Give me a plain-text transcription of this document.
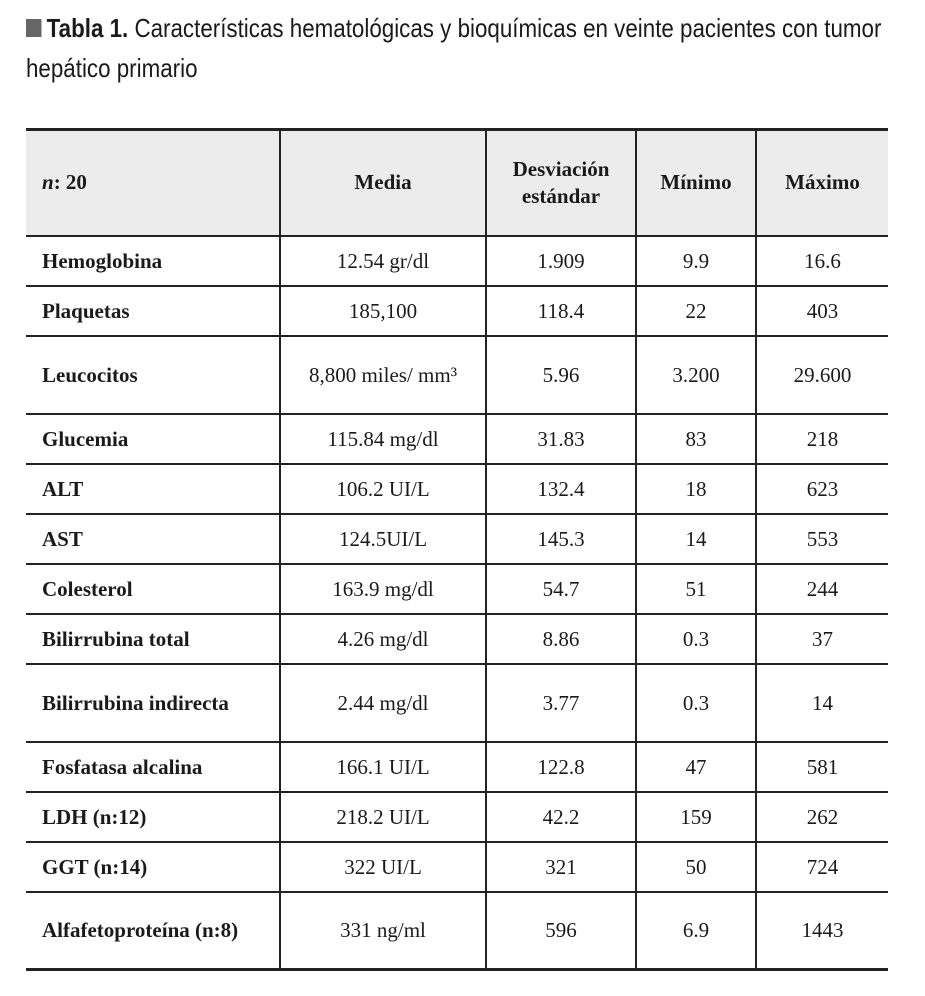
Tabla 1. Características hematológicas y bioquímicas en veinte pacientes con tumor hepático primario
n: 20	Media	Desviación estándar	Mínimo	Máximo
Hemoglobina	12.54 gr/dl	1.909	9.9	16.6
Plaquetas	185,100	118.4	22	403
Leucocitos	8,800 miles/ mm³	5.96	3.200	29.600
Glucemia	115.84 mg/dl	31.83	83	218
ALT	106.2 UI/L	132.4	18	623
AST	124.5UI/L	145.3	14	553
Colesterol	163.9 mg/dl	54.7	51	244
Bilirrubina total	4.26 mg/dl	8.86	0.3	37
Bilirrubina indirecta	2.44 mg/dl	3.77	0.3	14
Fosfatasa alcalina	166.1 UI/L	122.8	47	581
LDH (n:12)	218.2 UI/L	42.2	159	262
GGT (n:14)	322 UI/L	321	50	724
Alfafetoproteína (n:8)	331 ng/ml	596	6.9	1443
